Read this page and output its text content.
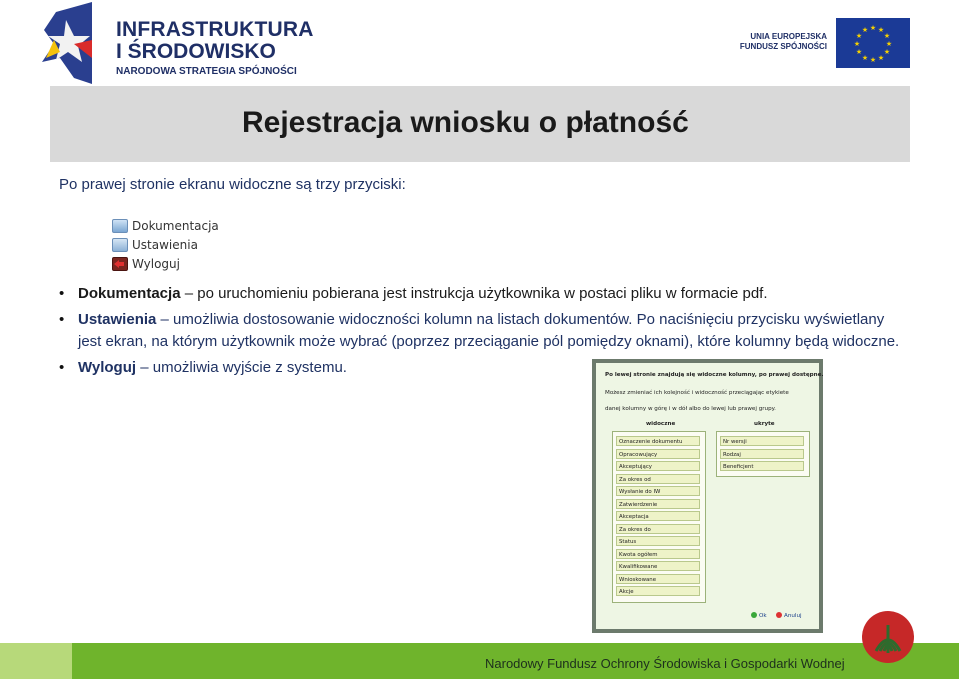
INFRASTRUKTURA
I ŚRODOWISKO
NARODOWA STRATEGIA SPÓJNOŚCI
UNIA EUROPEJSKA
FUNDUSZ SPÓJNOŚCI
★ ★
★
★
★
★
★
★
★
★
★
★
Rejestracja wniosku o płatność
Po prawej stronie ekranu widoczne są trzy przyciski:
Dokumentacja
Ustawienia
Wyloguj

• Dokumentacja – po uruchomieniu pobierana jest instrukcja użytkownika w postaci pliku w formacie pdf.

• Ustawienia – umożliwia dostosowanie widoczności kolumn na listach dokumentów. Po naciśnięciu przycisku wyświetlany jest ekran, na którym użytkownik może wybrać (poprzez przeciąganie pól pomiędzy oknami), które kolumny będą widoczne.

• Wyloguj – umożliwia wyjście z systemu.	Po lewej stronie znajdują się widoczne kolumny, po prawej dostępne.
Możesz zmieniać ich kolejność i widoczność przeciągając etykiete
danej kolumny w górę i w dół albo do lewej lub prawej grupy.
widoczne	ukryte
Oznaczenie dokumentu
Opracowujący
Akceptujący
Za okres od
Wysłanie do IW
Zatwierdzenie
Akceptacja
Za okres do
Status
Kwota ogółem
Kwalifikowane
Wnioskowane
Akcje
Nr wersji
Rodzaj
Beneficjent
Ok	Anuluj
Narodowy Fundusz Ochrony Środowiska i Gospodarki Wodnej
